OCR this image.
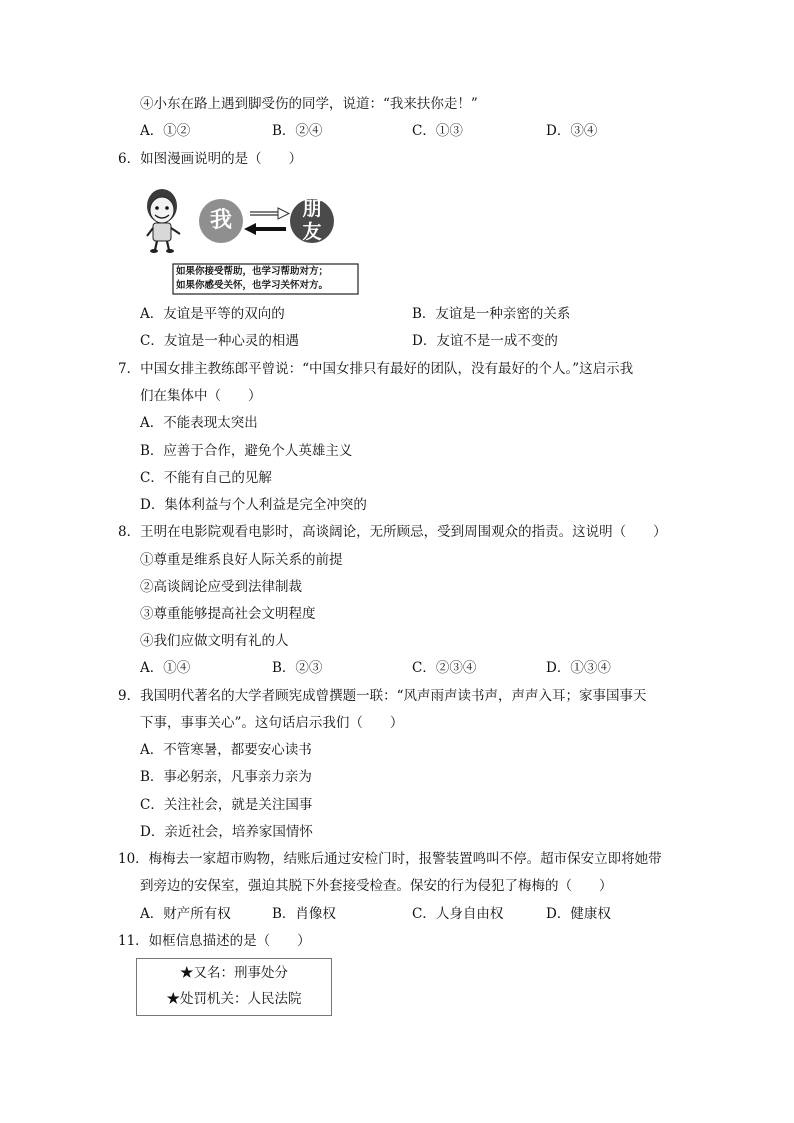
④小东在路上遇到脚受伤的同学，说道：“我来扶你走！”
A．①②	B．②④	C．①③	D．③④
6．如图漫画说明的是（　　）
我	朋
友
如果你接受帮助，也学习帮助对方；
如果你感受关怀，也学习关怀对方。
A．友谊是平等的双向的	B．友谊是一种亲密的关系
C．友谊是一种心灵的相遇	D．友谊不是一成不变的
7．中国女排主教练郎平曾说：“中国女排只有最好的团队，没有最好的个人。”这启示我
们在集体中（　　）
A．不能表现太突出
B．应善于合作，避免个人英雄主义
C．不能有自己的见解
D．集体利益与个人利益是完全冲突的
8．王明在电影院观看电影时，高谈阔论，无所顾忌，受到周围观众的指责。这说明（　　）
①尊重是维系良好人际关系的前提
②高谈阔论应受到法律制裁
③尊重能够提高社会文明程度
④我们应做文明有礼的人
A．①④	B．②③	C．②③④	D．①③④
9．我国明代著名的大学者顾宪成曾撰题一联：“风声雨声读书声，声声入耳；家事国事天
下事，事事关心”。这句话启示我们（　　）
A．不管寒暑，都要安心读书
B．事必躬亲，凡事亲力亲为
C．关注社会，就是关注国事
D．亲近社会，培养家国情怀
10．梅梅去一家超市购物，结账后通过安检门时，报警装置鸣叫不停。超市保安立即将她带
到旁边的安保室，强迫其脱下外套接受检查。保安的行为侵犯了梅梅的（　　）
A．财产所有权	B．肖像权	C．人身自由权	D．健康权
11．如框信息描述的是（　　）
★又名：刑事处分
★处罚机关：人民法院
